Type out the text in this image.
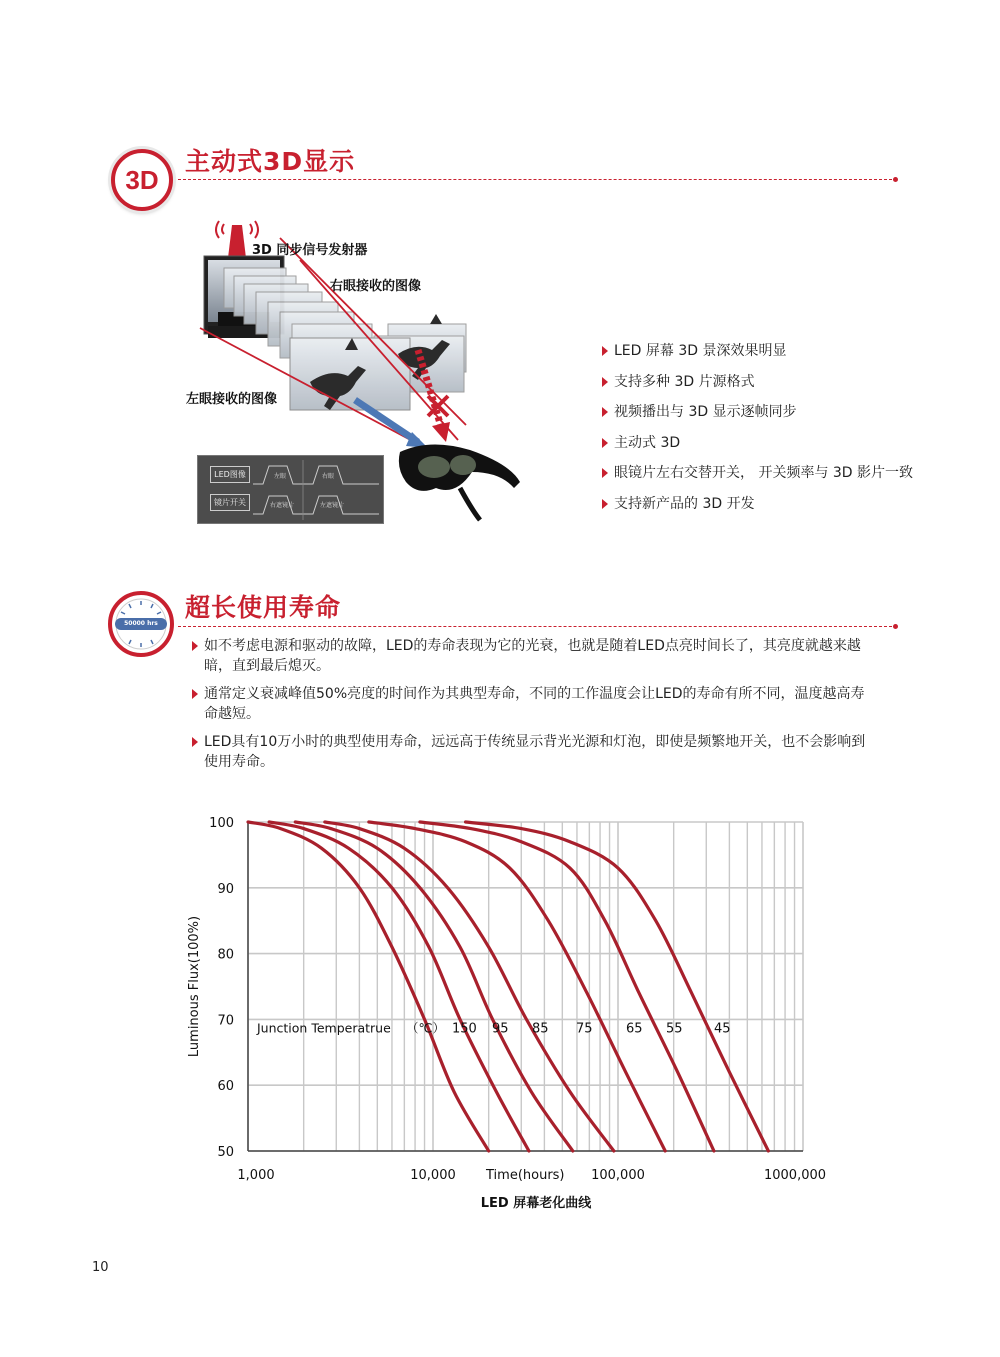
3D
主动式3D显示
3D 同步信号发射器
右眼接收的图像
左眼接收的图像
LED图像
镜片开关
左眼	右眼
右遮镜片	左遮镜片
LED 屏幕 3D 景深效果明显
支持多种 3D 片源格式
视频播出与 3D 显示逐帧同步
主动式 3D
眼镜片左右交替开关， 开关频率与 3D 影片一致
支持新产品的 3D 开发
50000 hrs
超长使用寿命
如不考虑电源和驱动的故障，LED的寿命表现为它的光衰，也就是随着LED点亮时间长了，其亮度就越来越暗，直到最后熄灭。
通常定义衰减峰值50%亮度的时间作为其典型寿命，不同的工作温度会让LED的寿命有所不同，温度越高寿命越短。
LED具有10万小时的典型使用寿命，远远高于传统显示背光光源和灯泡，即使是频繁地开关，也不会影响到使用寿命。
100
90
80
70
60
50
1,000	10,000	100,000	1000,000
Time(hours)
Luminous Flux(100%)
LED 屏幕老化曲线
Junction Temperatrue （℃） 150 95 85 75	65 55 45
10
